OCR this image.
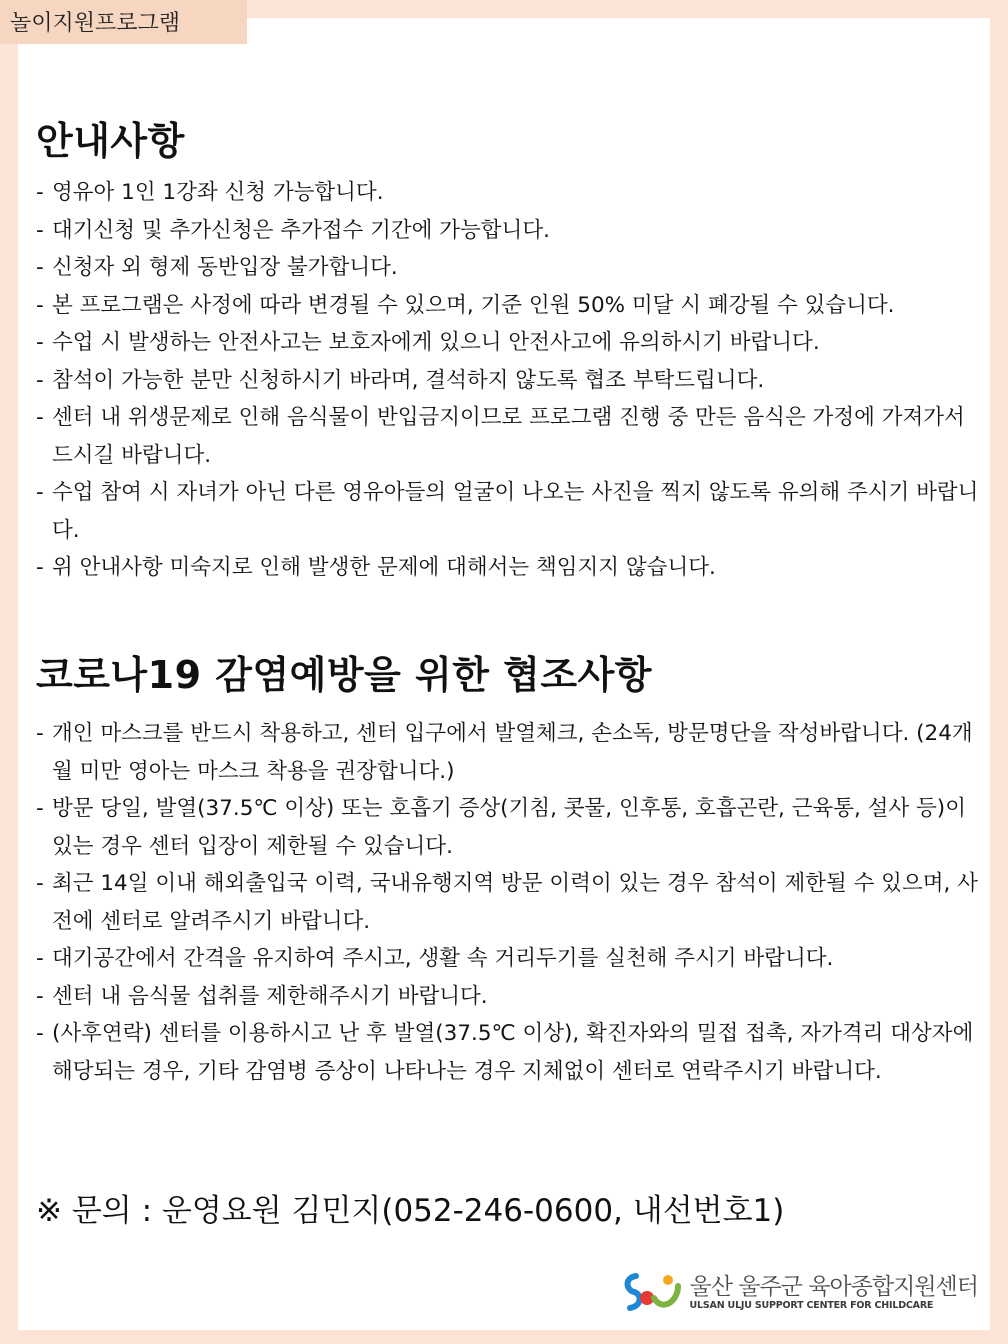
놀이지원프로그램
안내사항
- 영유아 1인 1강좌 신청 가능합니다.
- 대기신청 및 추가신청은 추가접수 기간에 가능합니다.
- 신청자 외 형제 동반입장 불가합니다.
- 본 프로그램은 사정에 따라 변경될 수 있으며, 기준 인원 50% 미달 시 폐강될 수 있습니다.
- 수업 시 발생하는 안전사고는 보호자에게 있으니 안전사고에 유의하시기 바랍니다.
- 참석이 가능한 분만 신청하시기 바라며, 결석하지 않도록 협조 부탁드립니다.
- 센터 내 위생문제로 인해 음식물이 반입금지이므로 프로그램 진행 중 만든 음식은 가정에 가져가서 드시길 바랍니다.
- 수업 참여 시 자녀가 아닌 다른 영유아들의 얼굴이 나오는 사진을 찍지 않도록 유의해 주시기 바랍니다.
- 위 안내사항 미숙지로 인해 발생한 문제에 대해서는 책임지지 않습니다.
코로나19 감염예방을 위한 협조사항
- 개인 마스크를 반드시 착용하고, 센터 입구에서 발열체크, 손소독, 방문명단을 작성바랍니다. (24개월 미만 영아는 마스크 착용을 권장합니다.)
- 방문 당일, 발열(37.5℃ 이상) 또는 호흡기 증상(기침, 콧물, 인후통, 호흡곤란, 근육통, 설사 등)이 있는 경우 센터 입장이 제한될 수 있습니다.
- 최근 14일 이내 해외출입국 이력, 국내유행지역 방문 이력이 있는 경우 참석이 제한될 수 있으며, 사전에 센터로 알려주시기 바랍니다.
- 대기공간에서 간격을 유지하여 주시고, 생활 속 거리두기를 실천해 주시기 바랍니다.
- 센터 내 음식물 섭취를 제한해주시기 바랍니다.
- (사후연락) 센터를 이용하시고 난 후 발열(37.5℃ 이상), 확진자와의 밀접 접촉, 자가격리 대상자에 해당되는 경우, 기타 감염병 증상이 나타나는 경우 지체없이 센터로 연락주시기 바랍니다.

※ 문의 : 운영요원 김민지(052-246-0600, 내선번호1)

울산 울주군 육아종합지원센터
ULSAN ULJU SUPPORT CENTER FOR CHILDCARE
